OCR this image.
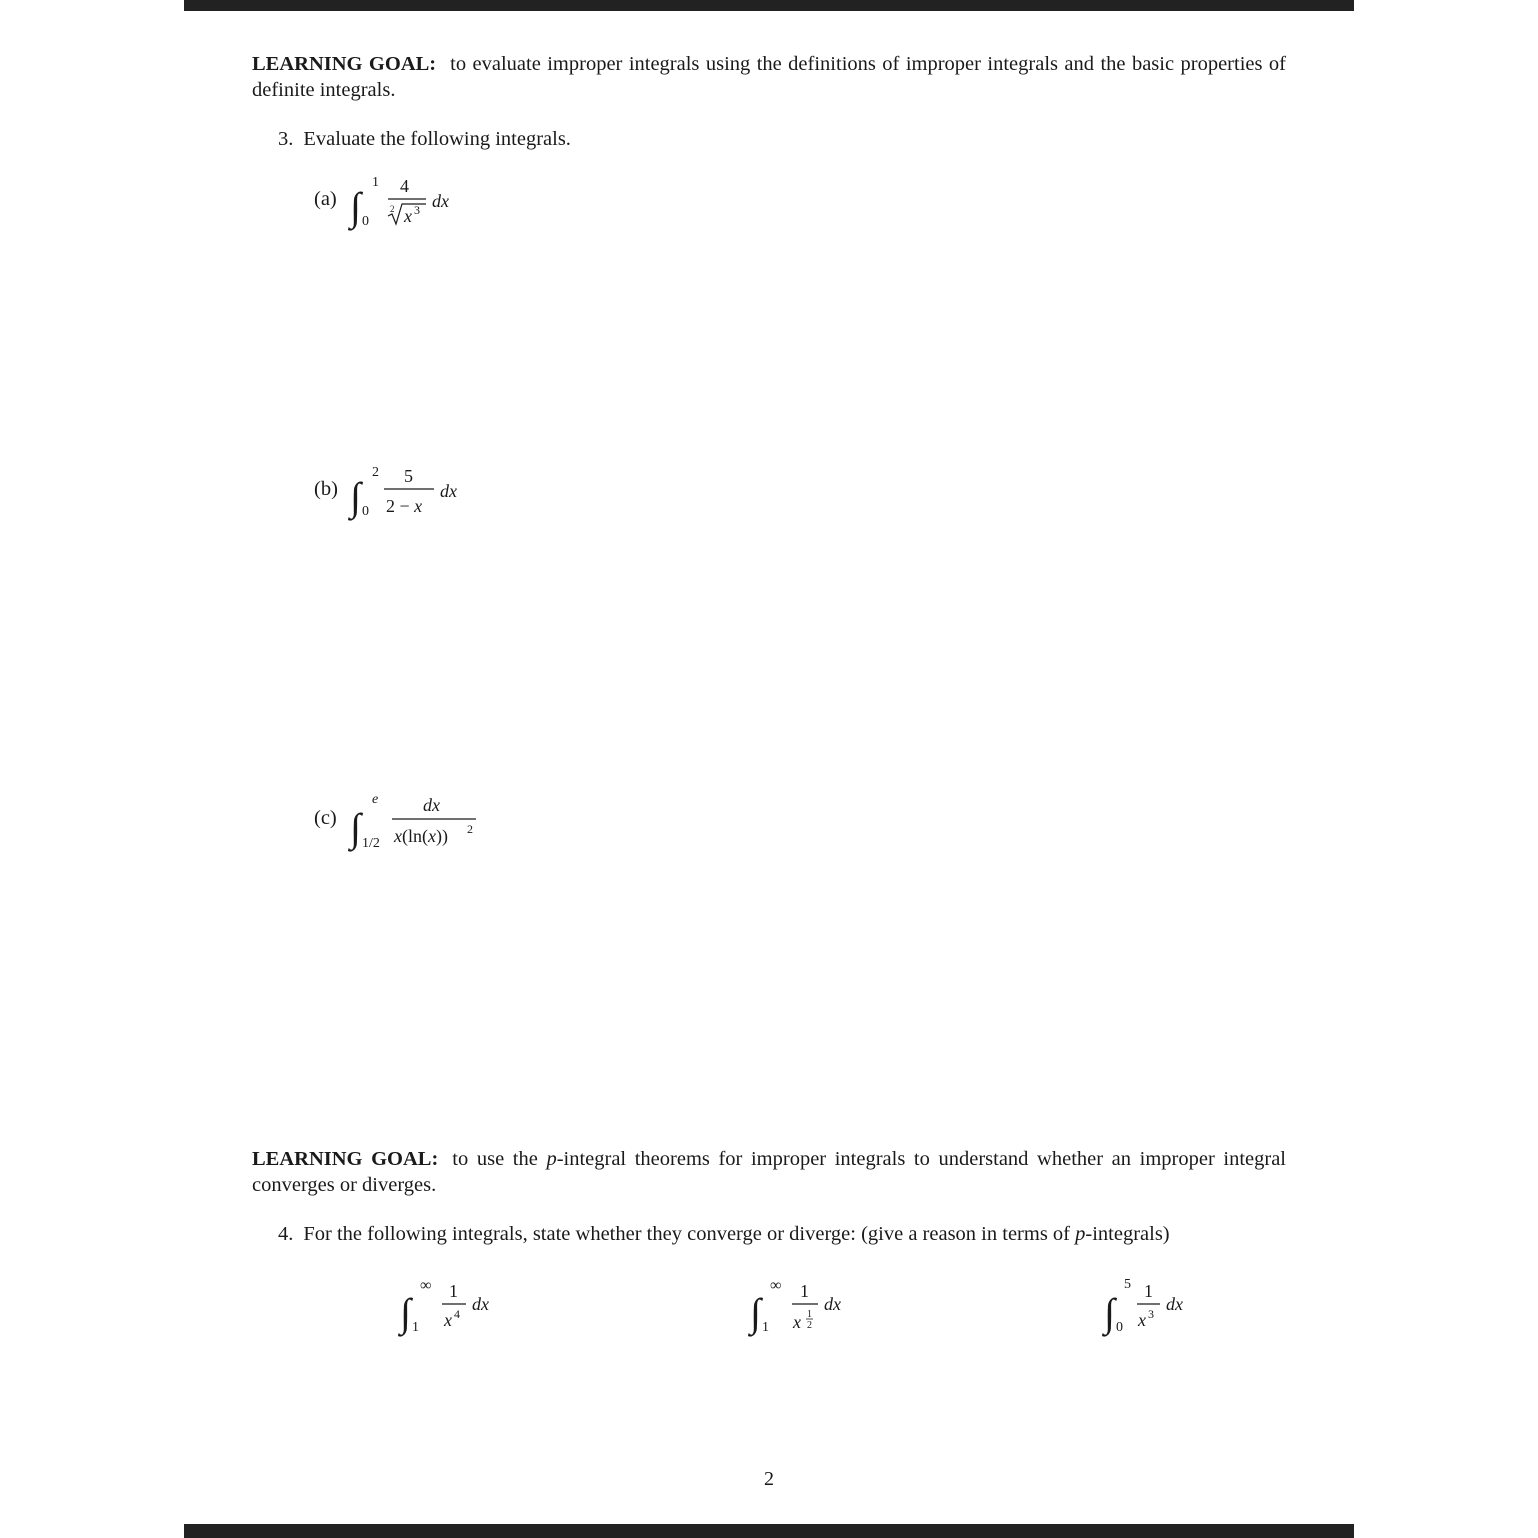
LEARNING GOAL: to evaluate improper integrals using the definitions of improper integrals and the basic properties of definite integrals.
3. Evaluate the following integrals.
(a) ∫
1
0
4
2 x 3 dx
(b) ∫
2
0
5
2 − x
dx
(c) ∫
e
1/2
dx
x(ln(x)) 2
LEARNING GOAL: to use the p-integral theorems for improper integrals to understand whether an improper integral converges or diverges.
4. For the following integrals, state whether they converge or diverge: (give a reason in terms of p-integrals)
∫
∞
1
1
x 4 dx	∫
∞
1
1
x 1
2
dx	∫
5
0
1
x 3 dx
2
